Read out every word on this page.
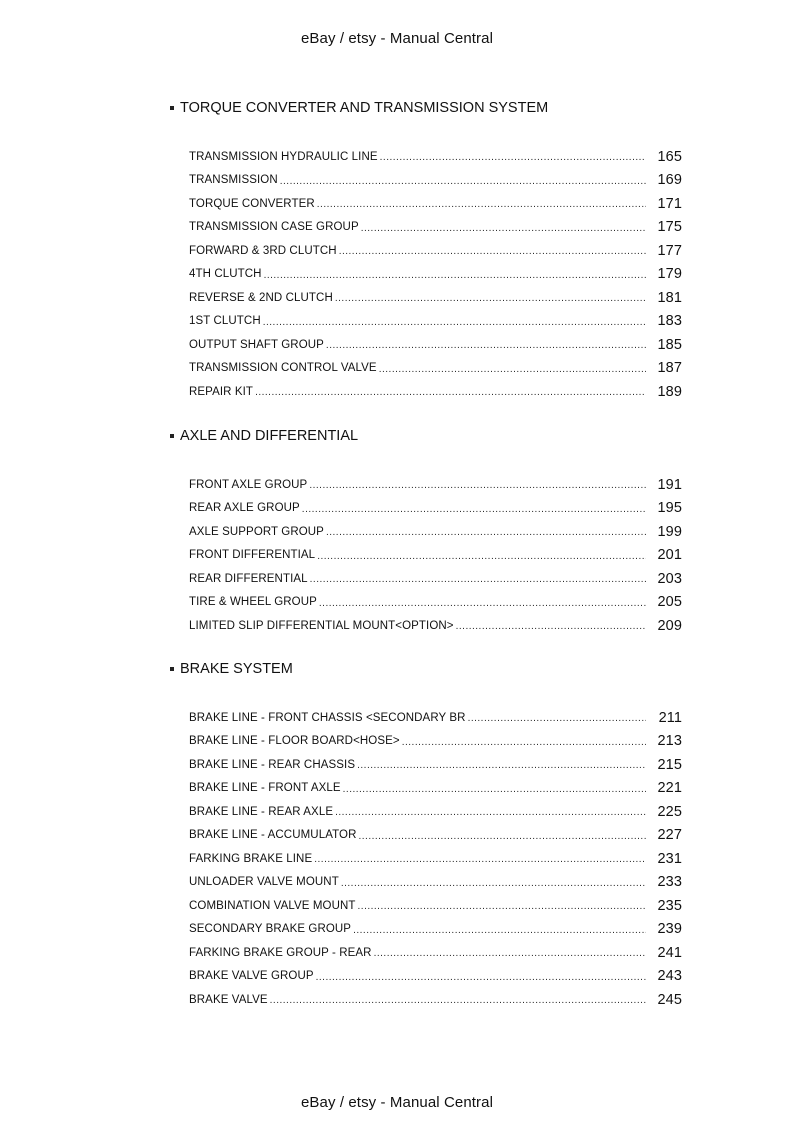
eBay / etsy - Manual Central
TORQUE CONVERTER AND TRANSMISSION SYSTEM
TRANSMISSION HYDRAULIC LINE .....	165
TRANSMISSION .....	169
TORQUE CONVERTER .....	171
TRANSMISSION CASE GROUP .....	175
FORWARD & 3RD CLUTCH .....	177
4TH CLUTCH .....	179
REVERSE & 2ND CLUTCH .....	181
1ST CLUTCH .....	183
OUTPUT SHAFT GROUP .....	185
TRANSMISSION CONTROL VALVE .....	187
REPAIR KIT .....	189
AXLE AND DIFFERENTIAL
FRONT AXLE GROUP .....	191
REAR AXLE GROUP .....	195
AXLE SUPPORT GROUP .....	199
FRONT DIFFERENTIAL .....	201
REAR DIFFERENTIAL .....	203
TIRE & WHEEL GROUP .....	205
LIMITED SLIP DIFFERENTIAL MOUNT<OPTION> .....	209
BRAKE SYSTEM
BRAKE LINE - FRONT CHASSIS <SECONDARY BR .....	211
BRAKE LINE - FLOOR BOARD<HOSE> .....	213
BRAKE LINE - REAR CHASSIS .....	215
BRAKE LINE - FRONT AXLE .....	221
BRAKE LINE - REAR AXLE .....	225
BRAKE LINE - ACCUMULATOR .....	227
FARKING BRAKE LINE .....	231
UNLOADER VALVE MOUNT .....	233
COMBINATION VALVE MOUNT .....	235
SECONDARY BRAKE GROUP .....	239
FARKING BRAKE GROUP - REAR .....	241
BRAKE VALVE GROUP .....	243
BRAKE VALVE .....	245
eBay / etsy - Manual Central
